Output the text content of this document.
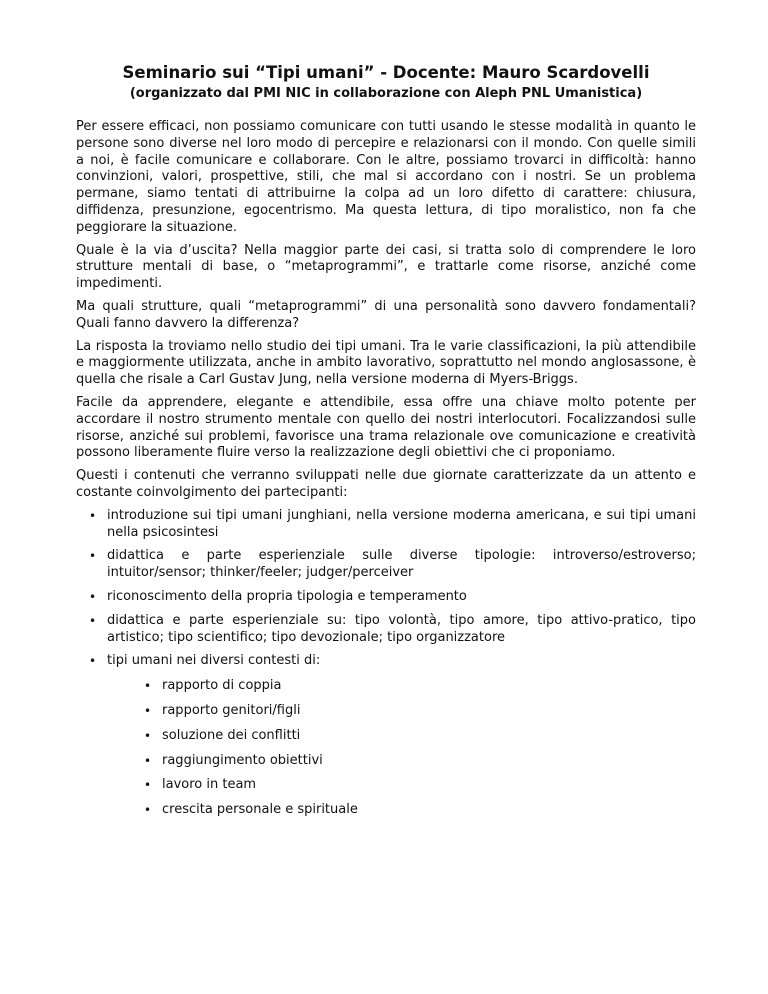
Seminario sui “Tipi umani” - Docente: Mauro Scardovelli
(organizzato dal PMI NIC in collaborazione con Aleph PNL Umanistica)

Per essere efficaci, non possiamo comunicare con tutti usando le stesse modalità in quanto le persone sono diverse nel loro modo di percepire e relazionarsi con il mondo. Con quelle simili a noi, è facile comunicare e collaborare. Con le altre, possiamo trovarci in difficoltà: hanno convinzioni, valori, prospettive, stili, che mal si accordano con i nostri. Se un problema permane, siamo tentati di attribuirne la colpa ad un loro difetto di carattere: chiusura, diffidenza, presunzione, egocentrismo. Ma questa lettura, di tipo moralistico, non fa che peggiorare la situazione.

Quale è la via d’uscita? Nella maggior parte dei casi, si tratta solo di comprendere le loro strutture mentali di base, o “metaprogrammi”, e trattarle come risorse, anziché come impedimenti.

Ma quali strutture, quali “metaprogrammi” di una personalità sono davvero fondamentali? Quali fanno davvero la differenza?

La risposta la troviamo nello studio dei tipi umani. Tra le varie classificazioni, la più attendibile e maggiormente utilizzata, anche in ambito lavorativo, soprattutto nel mondo anglosassone, è quella che risale a Carl Gustav Jung, nella versione moderna di Myers-Briggs.

Facile da apprendere, elegante e attendibile, essa offre una chiave molto potente per accordare il nostro strumento mentale con quello dei nostri interlocutori. Focalizzandosi sulle risorse, anziché sui problemi, favorisce una trama relazionale ove comunicazione e creatività possono liberamente fluire verso la realizzazione degli obiettivi che ci proponiamo.

Questi i contenuti che verranno sviluppati nelle due giornate caratterizzate da un attento e costante coinvolgimento dei partecipanti:

• introduzione sui tipi umani junghiani, nella versione moderna americana, e sui tipi umani nella psicosintesi
• didattica e parte esperienziale sulle diverse tipologie: introverso/estroverso; intuitor/sensor; thinker/feeler; judger/perceiver
• riconoscimento della propria tipologia e temperamento
• didattica e parte esperienziale su: tipo volontà, tipo amore, tipo attivo-pratico, tipo artistico; tipo scientifico; tipo devozionale; tipo organizzatore
• tipi umani nei diversi contesti di:
• rapporto di coppia
• rapporto genitori/figli
• soluzione dei conflitti
• raggiungimento obiettivi
• lavoro in team
• crescita personale e spirituale
